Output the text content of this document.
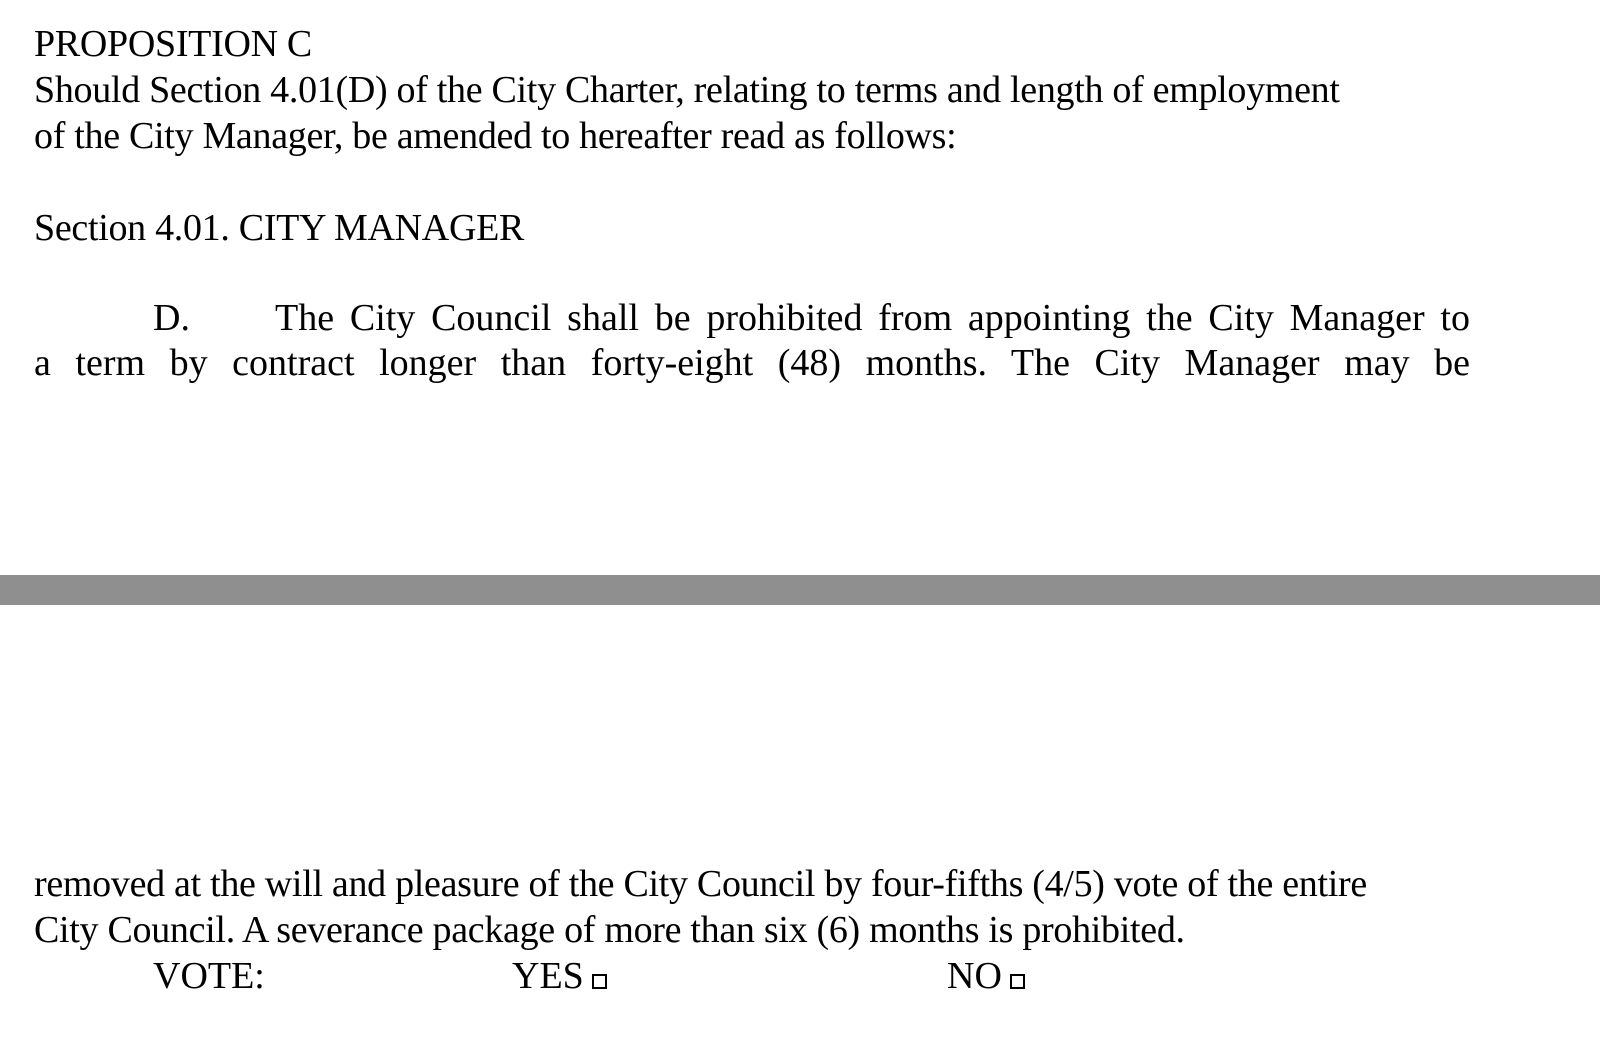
PROPOSITION C
Should Section 4.01(D) of the City Charter, relating to terms and length of employment
of the City Manager, be amended to hereafter read as follows:
Section 4.01. CITY MANAGER
D. The City Council shall be prohibited from appointing the City Manager to
a term by contract longer than forty-eight (48) months. The City Manager may be
removed at the will and pleasure of the City Council by four-fifths (4/5) vote of the entire
City Council. A severance package of more than six (6) months is prohibited.
VOTE:	YES	NO
